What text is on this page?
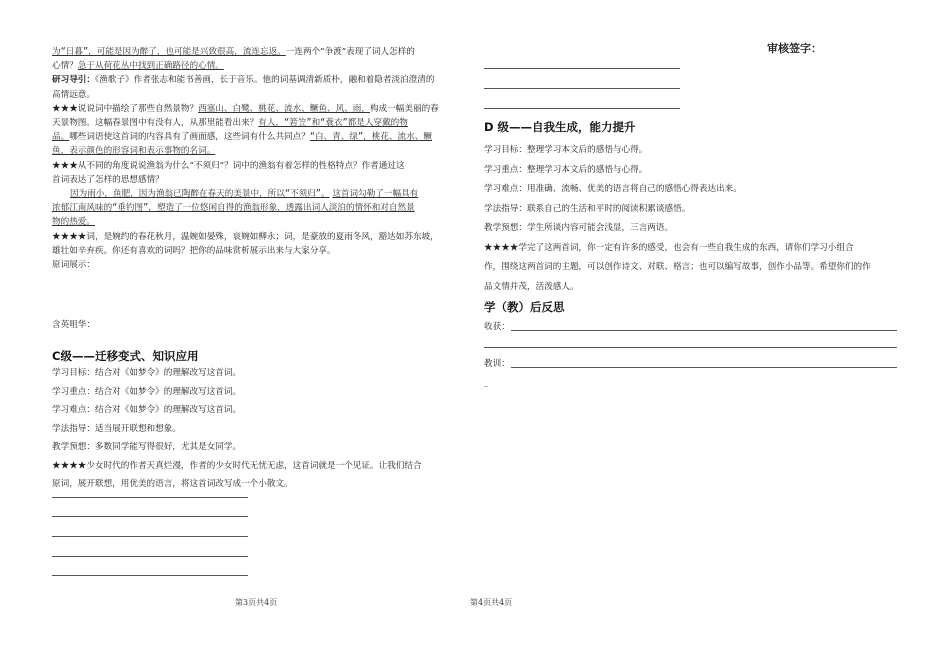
为“日暮”，可能是因为醉了，也可能是兴致很高，流连忘返。一连两个“争渡”表现了词人怎样的

心情？急于从荷花丛中找到正确路径的心情。

研习导引：《渔歌子》作者张志和能书善画，长于音乐。他的词基调清新质朴，融和着隐者淡泊澄清的

高情远意。

★★★说说词中描绘了那些自然景物？西塞山、白鹭、桃花、流水、鳜鱼、风、雨，构成一幅美丽的春

天景物图。这幅春景图中有没有人，从那里能看出来？有人，“箬笠”和“蓑衣”都是人穿戴的物

品。哪些词语使这首词的内容具有了画面感，这些词有什么共同点？“白、青、绿”，桃花、流水、鳜

鱼，表示颜色的形容词和表示事物的名词。

★★★从不同的角度说说渔翁为什么“不须归”？词中的渔翁有着怎样的性格特点？作者通过这

首词表达了怎样的思想感情？

因为雨小，鱼肥，因为渔翁已陶醉在春天的美景中，所以“不须归”。 这首词勾勒了一幅具有

浓郁江南风味的“垂钓图”，塑造了一位悠闲自得的渔翁形象，透露出词人淡泊的情怀和对自然景

物的热爱。

★★★★词，是婉约的春花秋月，温婉如晏殊，哀婉如柳永；词，是豪放的夏雨冬风，豁达如苏东坡，

雄壮如辛弃疾。你还有喜欢的词吗？把你的品味赏析展示出来与大家分享。

原词展示：

含英咀华：

C级——迁移变式、知识应用

学习目标：结合对《如梦令》的理解改写这首词。

学习重点：结合对《如梦令》的理解改写这首词。

学习难点：结合对《如梦令》的理解改写这首词。

学法指导：适当展开联想和想象。

教学预想：多数同学能写得很好，尤其是女同学。

★★★★少女时代的作者天真烂漫，作者的少女时代无忧无虑，这首词就是一个见证。让我们结合

原词，展开联想，用优美的语言，将这首词改写成一个小散文。

第3页共4页
审核签字：
D 级——自我生成，能力提升

学习目标：整理学习本文后的感悟与心得。

学习重点：整理学习本文后的感悟与心得。

学习难点：用准确、流畅、优美的语言将自己的感悟心得表达出来。

学法指导：联系自己的生活和平时的阅读积累谈感悟。

教学预想：学生所谈内容可能会浅显，三言两语。

★★★★学完了这两首词，你一定有许多的感受，也会有一些自我生成的东西，请你们学习小组合

作，围绕这两首词的主题，可以创作诗文、对联、格言；也可以编写故事，创作小品等。希望你们的作

品文情并茂，活泼感人。

学（教）后反思

收获：

教训：

_

第4页共4页
